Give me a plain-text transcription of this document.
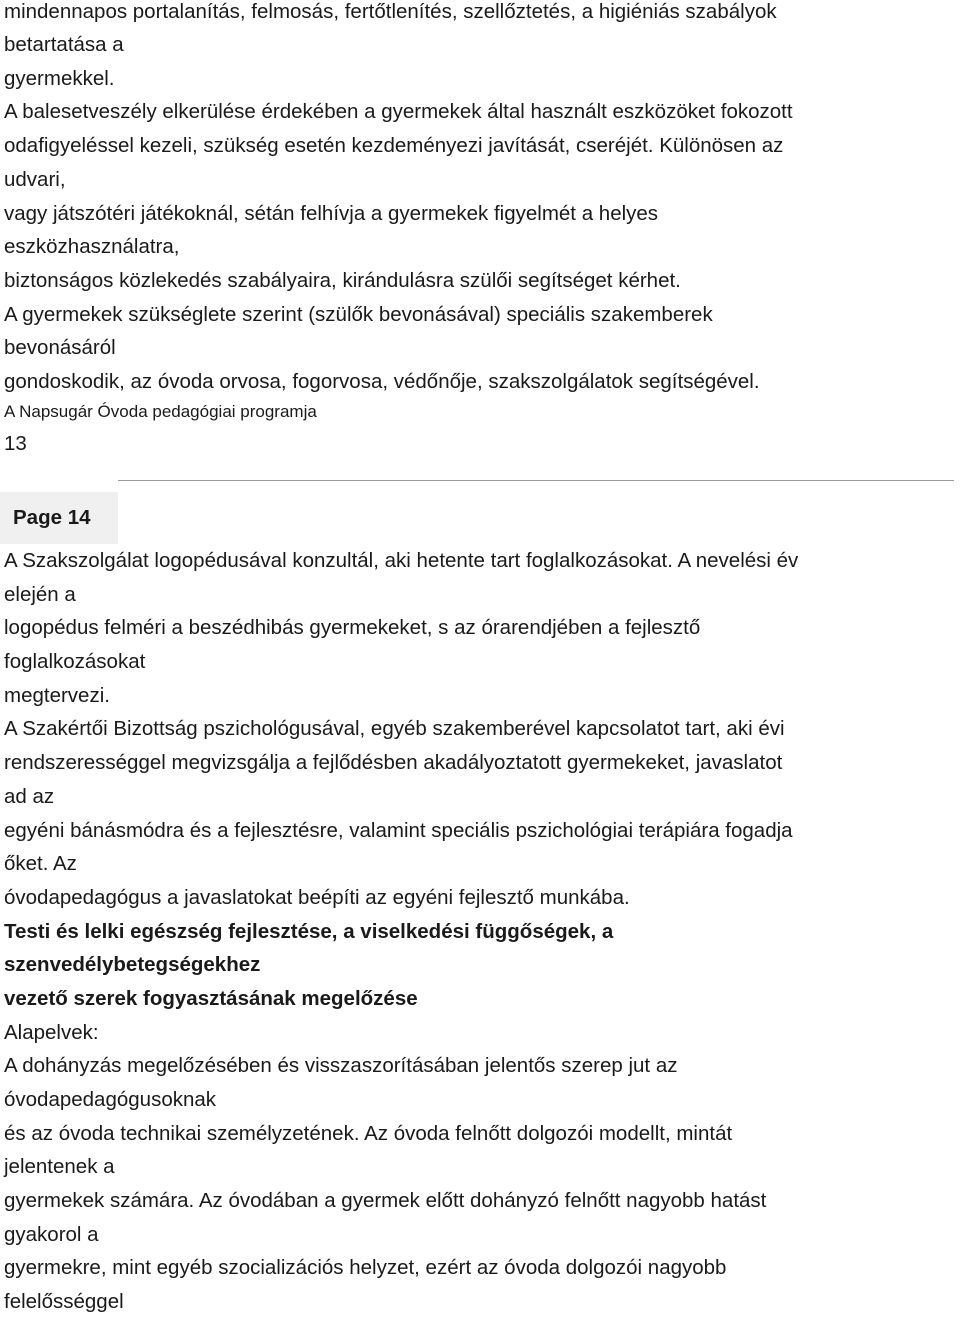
mindennapos portalanítás, felmosás, fertőtlenítés, szellőztetés, a higiéniás szabályok
betartatása a
gyermekkel.
A balesetveszély elkerülése érdekében a gyermekek által használt eszközöket fokozott
odafigyeléssel kezeli, szükség esetén kezdeményezi javítását, cseréjét. Különösen az
udvari,
vagy játszótéri játékoknál, sétán felhívja a gyermekek figyelmét a helyes
eszközhasználatra,
biztonságos közlekedés szabályaira, kirándulásra szülői segítséget kérhet.
A gyermekek szükséglete szerint (szülők bevonásával) speciális szakemberek
bevonásáról
gondoskodik, az óvoda orvosa, fogorvosa, védőnője, szakszolgálatok segítségével.
A Napsugár Óvoda pedagógiai programja
13
Page 14
A Szakszolgálat logopédusával konzultál, aki hetente tart foglalkozásokat. A nevelési év
elején a
logopédus felméri a beszédhibás gyermekeket, s az órarendjében a fejlesztő
foglalkozásokat
megtervezi.
A Szakértői Bizottság pszichológusával, egyéb szakemberével kapcsolatot tart, aki évi
rendszerességgel megvizsgálja a fejlődésben akadályoztatott gyermekeket, javaslatot
ad az
egyéni bánásmódra és a fejlesztésre, valamint speciális pszichológiai terápiára fogadja
őket. Az
óvodapedagógus a javaslatokat beépíti az egyéni fejlesztő munkába.
Testi és lelki egészség fejlesztése, a viselkedési függőségek, a
szenvedélybetegségekhez
vezető szerek fogyasztásának megelőzése
Alapelvek:
A dohányzás megelőzésében és visszaszorításában jelentős szerep jut az
óvodapedagógusoknak
és az óvoda technikai személyzetének. Az óvoda felnőtt dolgozói modellt, mintát
jelentenek a
gyermekek számára. Az óvodában a gyermek előtt dohányzó felnőtt nagyobb hatást
gyakorol a
gyermekre, mint egyéb szocializációs helyzet, ezért az óvoda dolgozói nagyobb
felelősséggel
